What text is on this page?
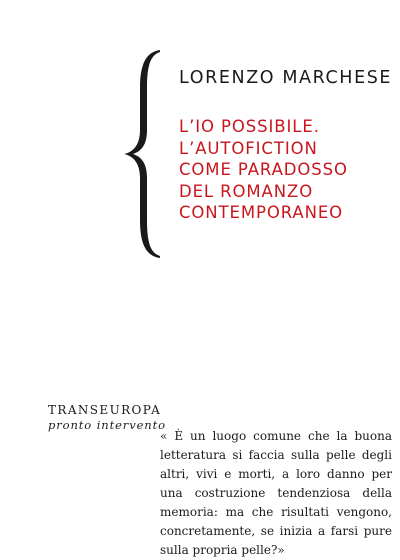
LORENZO MARCHESE
L’IO POSSIBILE.
L’AUTOFICTION
COME PARADOSSO
DEL ROMANZO
CONTEMPORANEO
TRANSEUROPA
pronto intervento
« È un luogo comune che la buona
letteratura si faccia sulla pelle degli
altri, vivi e morti, a loro danno per
una costruzione tendenziosa della
memoria: ma che risultati vengono,
concretamente, se inizia a farsi pure
sulla propria pelle?»
